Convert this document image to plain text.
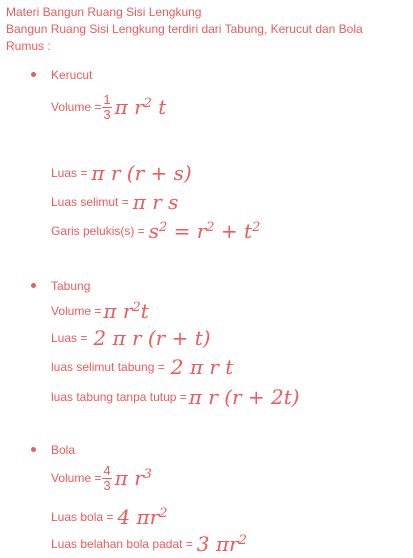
Materi Bangun Ruang Sisi Lengkung
Bangun Ruang Sisi Lengkung terdiri dari Tabung, Kerucut dan Bola
Rumus :
Kerucut
Volume = $\frac{1}{3}$ π $r^2$ t
Luas = π r (r + s)
Luas selimut = π r s
Garis pelukis(s) = $s^2 = r^2 + t^2$
Tabung
Volume = π $r^2t$
Luas = 2 π r (r + t)
luas selimut tabung = 2 π r t
luas tabung tanpa tutup = π r (r + 2t)
Bola
Volume = $\frac{4}{3}$ π $r^3$
Luas bola = 4 $\pi r^2$
Luas belahan bola padat = 3 $\pi r^2$
